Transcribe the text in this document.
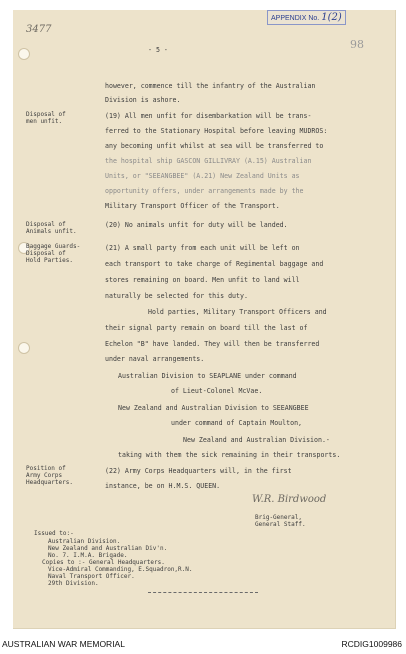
3477
98
APPENDIX No. 1(2)
- 5 -
Disposal of
men unfit.
Disposal of
Animals unfit.
Baggage Guards-
Disposal of
Hold Parties.
Position of
Army Corps
Headquarters.
however, commence till the infantry of the Australian
Division is ashore.
(19) All men unfit for disembarkation will be trans-
ferred to the Stationary Hospital before leaving MUDROS:
any becoming unfit whilst at sea will be transferred to
the hospital ship GASCON GILLIVRAY (A.15) Australian
Units, or "SEEANGBEE" (A.21) New Zealand Units as
opportunity offers, under arrangements made by the
Military Transport Officer of the Transport.
(20) No animals unfit for duty will be landed.
(21) A small party from each unit will be left on
each transport to take charge of Regimental baggage and
stores remaining on board. Men unfit to land will
naturally be selected for this duty.
Hold parties, Military Transport Officers and
their signal party remain on board till the last of
Echelon "B" have landed. They will then be transferred
under naval arrangements.
Australian Division to SEAPLANE under command
of Lieut-Colonel McVae.
New Zealand and Australian Division to SEEANGBEE
under command of Captain Moulton,
New Zealand and Australian Division.-
taking with them the sick remaining in their transports.
(22) Army Corps Headquarters will, in the first
instance, be on H.M.S. QUEEN.
W.R. Birdwood
Brig-General,
General Staff.
Issued to:-
Australian Division.
New Zealand and Australian Div'n.
No. 7. I.M.A. Brigade.
Copies to :- General Headquarters.
Vice-Admiral Commanding, E.Squadron,R.N.
Naval Transport Officer.
29th Division.
AUSTRALIAN WAR MEMORIAL	RCDIG1009986
